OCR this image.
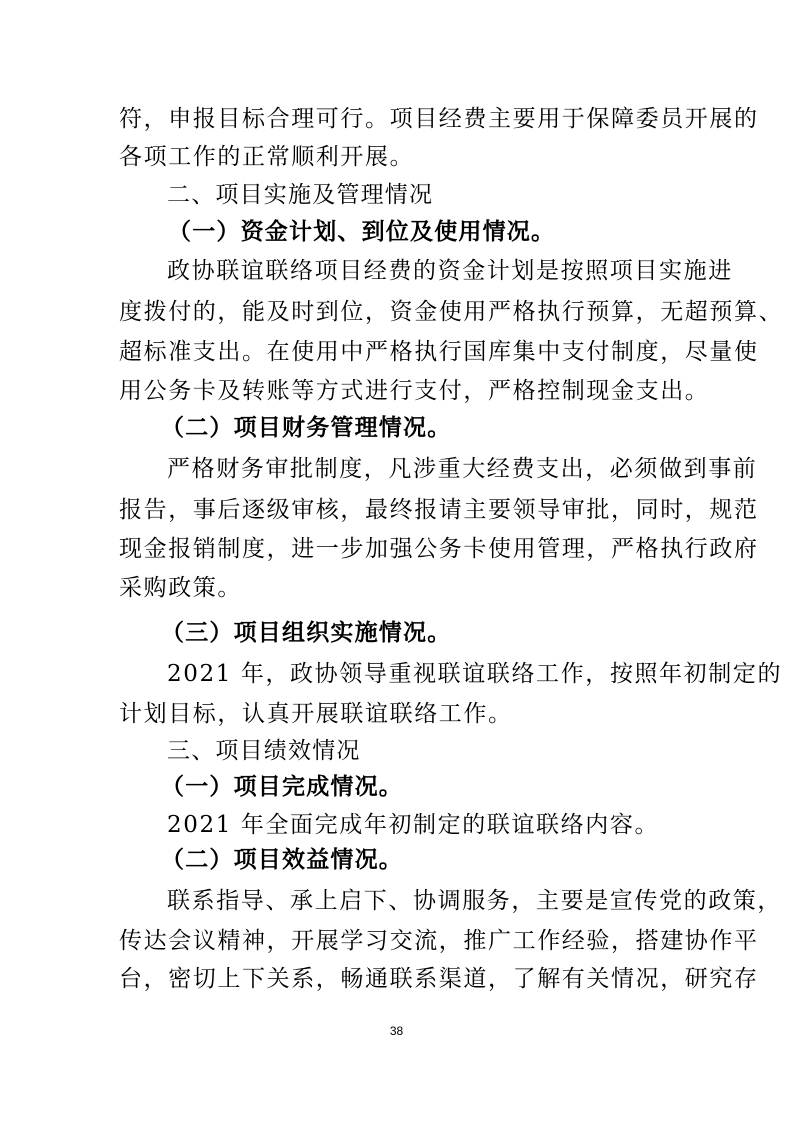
符，申报目标合理可行。项目经费主要用于保障委员开展的
各项工作的正常顺利开展。
二、项目实施及管理情况
（一）资金计划、到位及使用情况。
政协联谊联络项目经费的资金计划是按照项目实施进
度拨付的，能及时到位，资金使用严格执行预算，无超预算、
超标准支出。在使用中严格执行国库集中支付制度，尽量使
用公务卡及转账等方式进行支付，严格控制现金支出。
（二）项目财务管理情况。
严格财务审批制度，凡涉重大经费支出，必须做到事前
报告，事后逐级审核，最终报请主要领导审批，同时，规范
现金报销制度，进一步加强公务卡使用管理，严格执行政府
采购政策。
（三）项目组织实施情况。
2021 年，政协领导重视联谊联络工作，按照年初制定的
计划目标，认真开展联谊联络工作。
三、项目绩效情况
（一）项目完成情况。
2021 年全面完成年初制定的联谊联络内容。
（二）项目效益情况。
联系指导、承上启下、协调服务，主要是宣传党的政策，
传达会议精神，开展学习交流，推广工作经验，搭建协作平
台，密切上下关系，畅通联系渠道，了解有关情况，研究存
38
